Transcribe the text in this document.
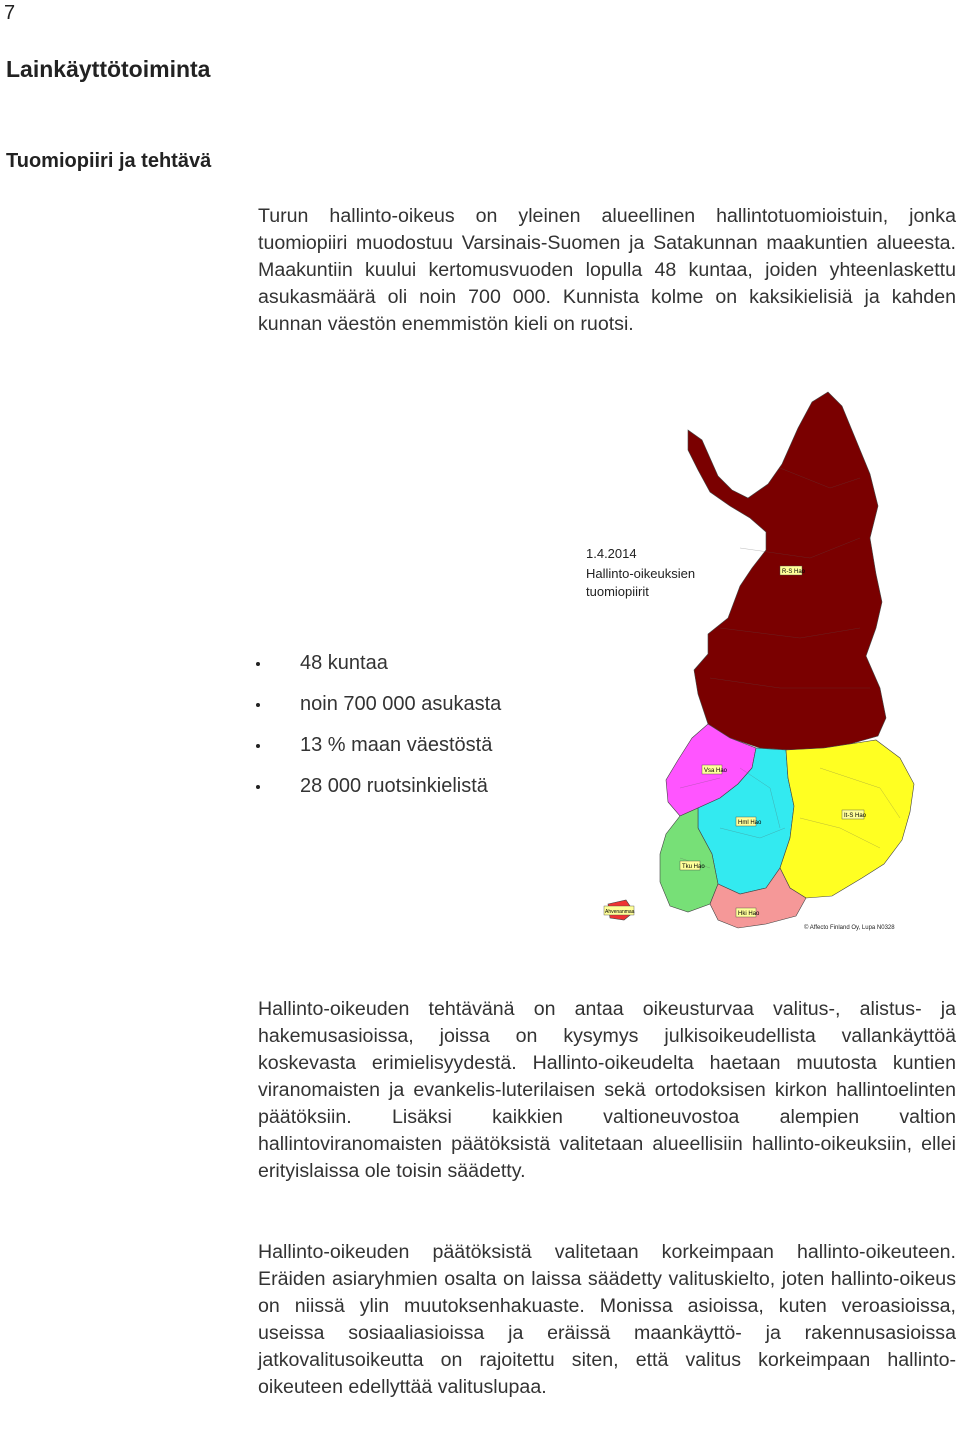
7
Lainkäyttötoiminta
Tuomiopiiri ja tehtävä

Turun hallinto-oikeus on yleinen alueellinen hallintotuomioistuin, jonka tuomiopiiri muodostuu Varsinais-Suomen ja Satakunnan maakuntien alueesta. Maakuntiin kuului kertomusvuoden lopulla 48 kuntaa, joiden yhteenlaskettu asukasmäärä oli noin 700 000. Kunnista kolme on kaksikielisiä ja kahden kunnan väestön enemmistön kieli on ruotsi.

48 kuntaa
noin 700 000 asukasta
13 % maan väestöstä
28 000 ruotsinkielistä
1.4.2014
Hallinto-oikeuksien
tuomiopiirit
R-S Hao
Vsa Hao
Hml Hao
It-S Hao
Tku Hao
Hki Hao
Ahvenanmaa
© Affecto Finland Oy, Lupa N0328

Hallinto-oikeuden tehtävänä on antaa oikeusturvaa valitus-, alistus- ja hakemusasioissa, joissa on kysymys julkisoikeudellista vallankäyttöä koskevasta erimielisyydestä. Hallinto-oikeudelta haetaan muutosta kuntien viranomaisten ja evankelis-luterilaisen sekä ortodoksisen kirkon hallintoelinten päätöksiin. Lisäksi kaikkien valtioneuvostoa alempien valtion hallintoviranomaisten päätöksistä valitetaan alueellisiin hallinto-oikeuksiin, ellei erityislaissa ole toisin säädetty.

Hallinto-oikeuden päätöksistä valitetaan korkeimpaan hallinto-oikeuteen. Eräiden asiaryhmien osalta on laissa säädetty valituskielto, joten hallinto-oikeus on niissä ylin muutoksenhakuaste. Monissa asioissa, kuten veroasioissa, useissa sosiaaliasioissa ja eräissä maankäyttö- ja rakennusasioissa jatkovalitusoikeutta on rajoitettu siten, että valitus korkeimpaan hallinto-oikeuteen edellyttää valituslupaa.
